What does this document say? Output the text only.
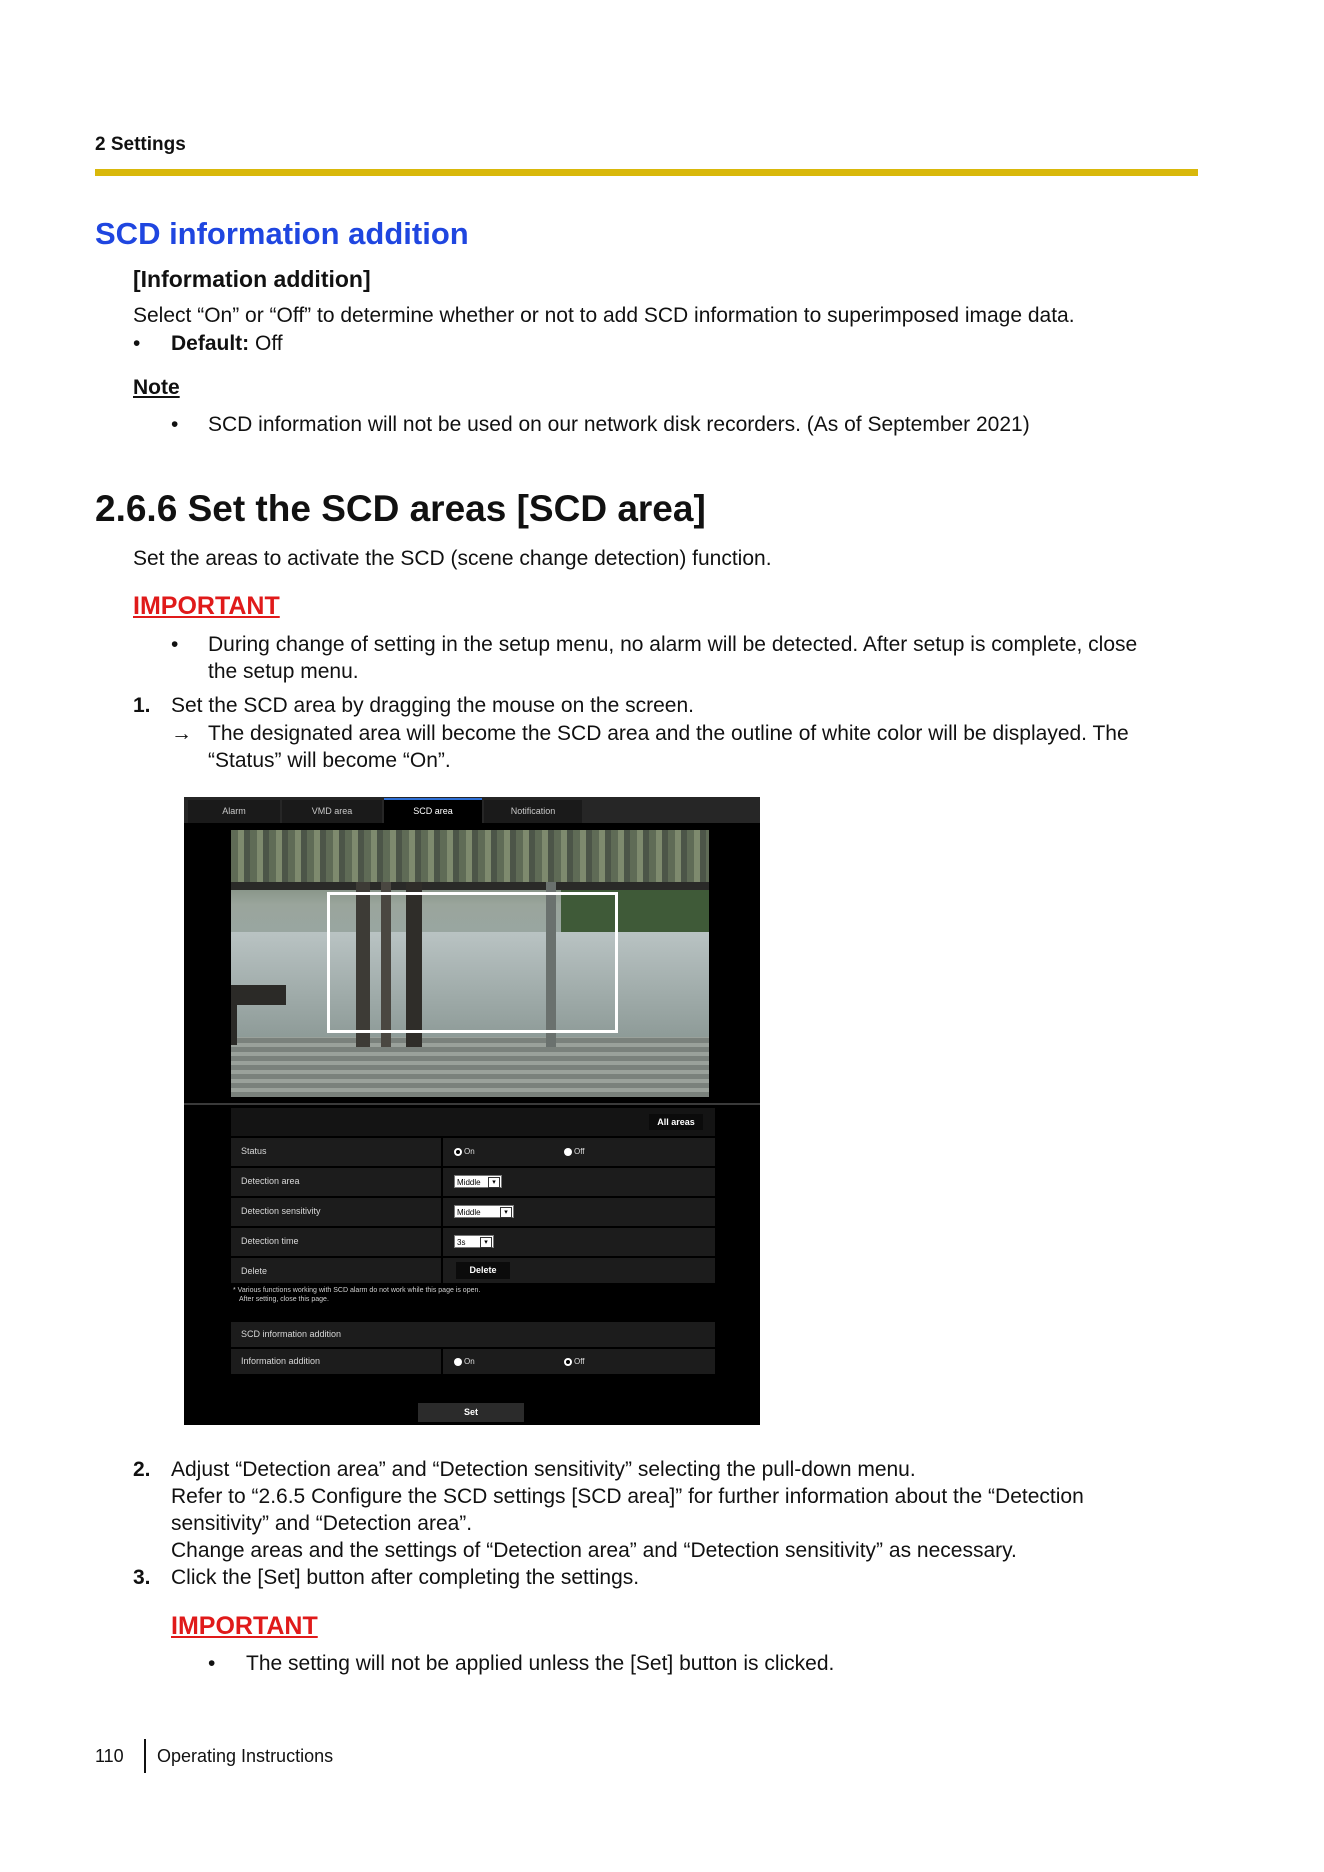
2 Settings
SCD information addition
[Information addition]
Select “On” or “Off” to determine whether or not to add SCD information to superimposed image data.
• Default: Off
Note
• SCD information will not be used on our network disk recorders. (As of September 2021)
2.6.6 Set the SCD areas [SCD area]
Set the areas to activate the SCD (scene change detection) function.
IMPORTANT
• During change of setting in the setup menu, no alarm will be detected. After setup is complete, close
the setup menu.
1. Set the SCD area by dragging the mouse on the screen.
→ The designated area will become the SCD area and the outline of white color will be displayed. The
“Status” will become “On”.
Alarm	VMD area	SCD area	Notification
All areas
Status	On	Off
Detection area	Middle	▾
Detection sensitivity	Middle	▾
Detection time	3s	▾
Delete	Delete
* Various functions working with SCD alarm do not work while this page is open.
After setting, close this page.
SCD information addition
Information addition	On	Off
Set
2. Adjust “Detection area” and “Detection sensitivity” selecting the pull-down menu.
Refer to “2.6.5 Configure the SCD settings [SCD area]” for further information about the “Detection
sensitivity” and “Detection area”.
Change areas and the settings of “Detection area” and “Detection sensitivity” as necessary.
3. Click the [Set] button after completing the settings.
IMPORTANT
• The setting will not be applied unless the [Set] button is clicked.
110 Operating Instructions
